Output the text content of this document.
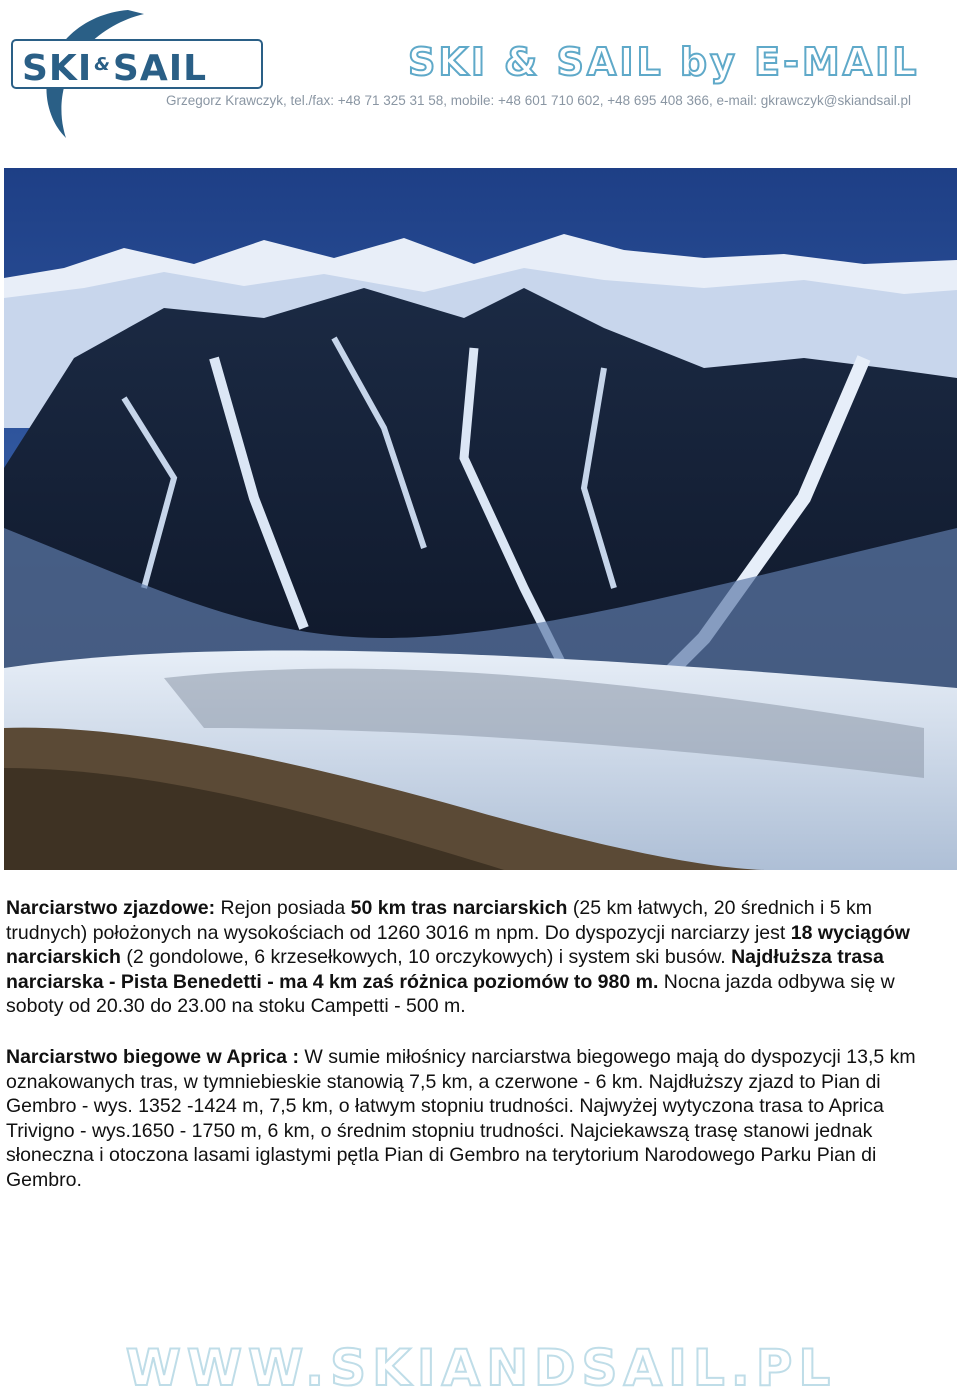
SKI &SAIL	SKI & SAIL by E-MAIL
Grzegorz Krawczyk, tel./fax: +48 71 325 31 58, mobile: +48 601 710 602, +48 695 408 366, e-mail: gkrawczyk@skiandsail.pl
Narciarstwo zjazdowe: Rejon posiada 50 km tras narciarskich (25 km łatwych, 20 średnich i 5 km trudnych) położonych na wysokościach od 1260 3016 m npm. Do dyspozycji narciarzy jest 18 wyciągów narciarskich (2 gondolowe, 6 krzesełkowych, 10 orczykowych) i system ski busów. Najdłuższa trasa narciarska - Pista Benedetti - ma 4 km zaś różnica poziomów to 980 m. Nocna jazda odbywa się w soboty od 20.30 do 23.00 na stoku Campetti - 500 m.
Narciarstwo biegowe w Aprica : W sumie miłośnicy narciarstwa biegowego mają do dyspozycji 13,5 km oznakowanych tras, w tymniebieskie stanowią 7,5 km, a czerwone - 6 km. Najdłuższy zjazd to Pian di Gembro - wys. 1352 -1424 m, 7,5 km, o łatwym stopniu trudności. Najwyżej wytyczona trasa to Aprica Trivigno - wys.1650 - 1750 m, 6 km, o średnim stopniu trudności. Najciekawszą trasę stanowi jednak słoneczna i otoczona lasami iglastymi pętla Pian di Gembro na terytorium Narodowego Parku Pian di Gembro.
WWW.SKIANDSAIL.PL
